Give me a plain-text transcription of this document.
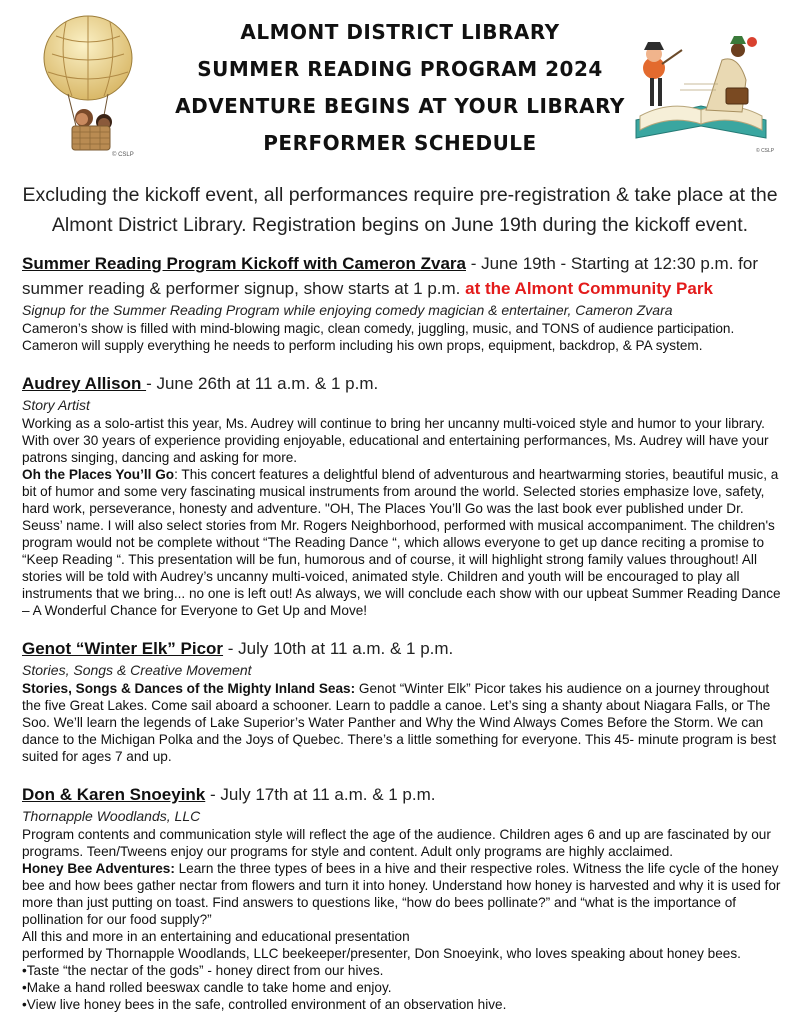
© CSLP
ALMONT DISTRICT LIBRARY
SUMMER READING PROGRAM 2024
ADVENTURE BEGINS AT YOUR LIBRARY
PERFORMER SCHEDULE	© CSLP
Excluding the kickoff event, all performances require pre-registration & take place at the Almont District Library. Registration begins on June 19th during the kickoff event.
Summer Reading Program Kickoff with Cameron Zvara - June 19th - Starting at 12:30 p.m. for summer reading & performer signup, show starts at 1 p.m. at the Almont Community Park
Signup for the Summer Reading Program while enjoying comedy magician & entertainer, Cameron Zvara
Cameron’s show is filled with mind-blowing magic, clean comedy, juggling, music, and TONS of audience participation. Cameron will supply everything he needs to perform including his own props, equipment, backdrop, & PA system.
Audrey Allison - June 26th at 11 a.m. & 1 p.m.
Story Artist
Working as a solo-artist this year, Ms. Audrey will continue to bring her uncanny multi-voiced style and humor to your library. With over 30 years of experience providing enjoyable, educational and entertaining performances, Ms. Audrey will have your patrons singing, dancing and asking for more.
Oh the Places You’ll Go: This concert features a delightful blend of adventurous and heartwarming stories, beautiful music, a bit of humor and some very fascinating musical instruments from around the world. Selected stories emphasize love, safety, hard work, perseverance, honesty and adventure. "OH, The Places You’ll Go was the last book ever published under Dr. Seuss’ name. I will also select stories from Mr. Rogers Neighborhood, performed with musical accompaniment. The children's program would not be complete without “The Reading Dance “, which allows everyone to get up dance reciting a promise to “Keep Reading “. This presentation will be fun, humorous and of course, it will highlight strong family values throughout! All stories will be told with Audrey’s uncanny multi-voiced, animated style. Children and youth will be encouraged to play all instruments that we bring... no one is left out! As always, we will conclude each show with our upbeat Summer Reading Dance – A Wonderful Chance for Everyone to Get Up and Move!
Genot “Winter Elk” Picor - July 10th at 11 a.m. & 1 p.m.
Stories, Songs & Creative Movement
Stories, Songs & Dances of the Mighty Inland Seas: Genot “Winter Elk” Picor takes his audience on a journey throughout the five Great Lakes. Come sail aboard a schooner. Learn to paddle a canoe. Let’s sing a shanty about Niagara Falls, or The Soo. We’ll learn the legends of Lake Superior’s Water Panther and Why the Wind Always Comes Before the Storm. We can dance to the Michigan Polka and the Joys of Quebec. There’s a little something for everyone. This 45- minute program is best suited for ages 7 and up.
Don & Karen Snoeyink - July 17th at 11 a.m. & 1 p.m.
Thornapple Woodlands, LLC
Program contents and communication style will reflect the age of the audience. Children ages 6 and up are fascinated by our programs. Teen/Tweens enjoy our programs for style and content. Adult only programs are highly acclaimed.
Honey Bee Adventures: Learn the three types of bees in a hive and their respective roles. Witness the life cycle of the honey bee and how bees gather nectar from flowers and turn it into honey. Understand how honey is harvested and why it is used for more than just putting on toast. Find answers to questions like, “how do bees pollinate?” and “what is the importance of pollination for our food supply?”
All this and more in an entertaining and educational presentation
performed by Thornapple Woodlands, LLC beekeeper/presenter, Don Snoeyink, who loves speaking about honey bees.
• Taste “the nectar of the gods” - honey direct from our hives.
• Make a hand rolled beeswax candle to take home and enjoy.
• View live honey bees in the safe, controlled environment of an observation hive.
